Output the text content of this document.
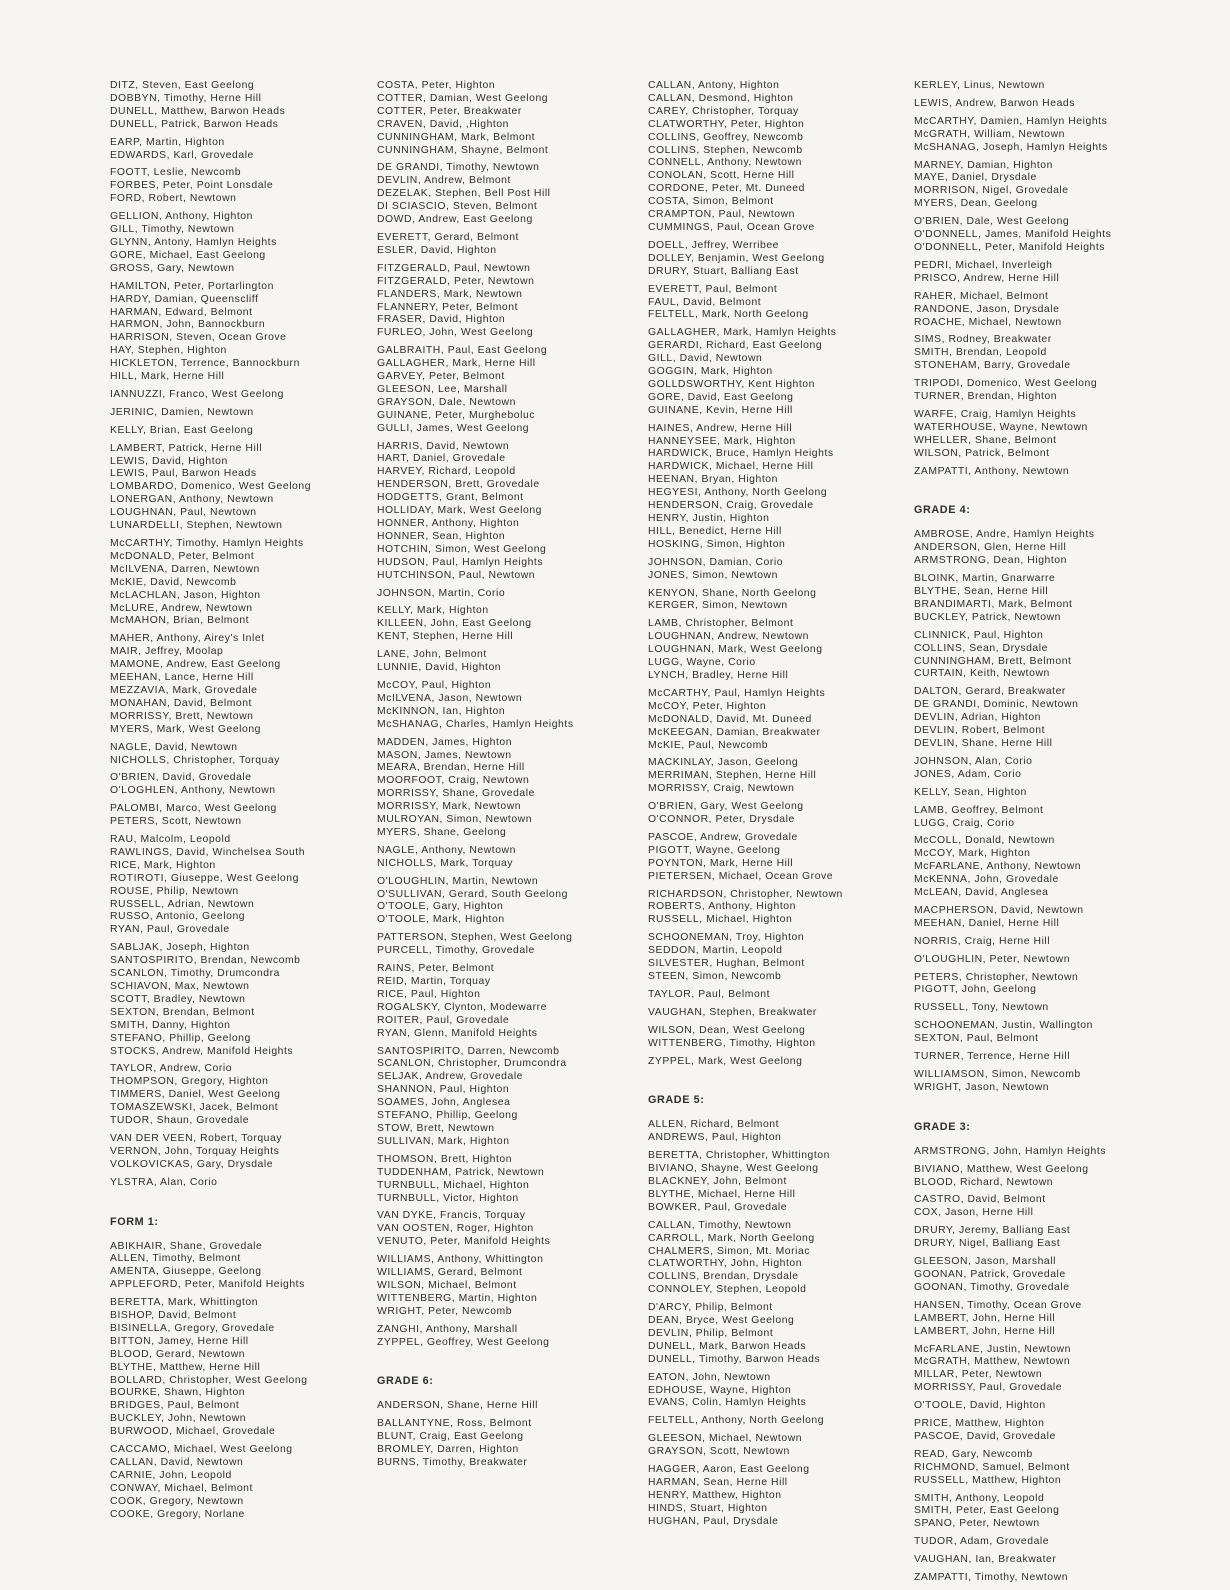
DITZ, Steven, East Geelong
DOBBYN, Timothy, Herne Hill
DUNELL, Matthew, Barwon Heads
DUNELL, Patrick, Barwon Heads
EARP, Martin, Highton
EDWARDS, Karl, Grovedale
FOOTT, Leslie, Newcomb
FORBES, Peter, Point Lonsdale
FORD, Robert, Newtown
GELLION, Anthony, Highton
GILL, Timothy, Newtown
GLYNN, Antony, Hamlyn Heights
GORE, Michael, East Geelong
GROSS, Gary, Newtown
HAMILTON, Peter, Portarlington
HARDY, Damian, Queenscliff
HARMAN, Edward, Belmont
HARMON, John, Bannockburn
HARRISON, Steven, Ocean Grove
HAY, Stephen, Highton
HICKLETON, Terrence, Bannockburn
HILL, Mark, Herne Hill
IANNUZZI, Franco, West Geelong
JERINIC, Damien, Newtown
KELLY, Brian, East Geelong
LAMBERT, Patrick, Herne Hill
LEWIS, David, Highton
LEWIS, Paul, Barwon Heads
LOMBARDO, Domenico, West Geelong
LONERGAN, Anthony, Newtown
LOUGHNAN, Paul, Newtown
LUNARDELLI, Stephen, Newtown
McCARTHY, Timothy, Hamlyn Heights
McDONALD, Peter, Belmont
McILVENA, Darren, Newtown
McKIE, David, Newcomb
McLACHLAN, Jason, Highton
McLURE, Andrew, Newtown
McMAHON, Brian, Belmont
MAHER, Anthony, Airey's Inlet
MAIR, Jeffrey, Moolap
MAMONE, Andrew, East Geelong
MEEHAN, Lance, Herne Hill
MEZZAVIA, Mark, Grovedale
MONAHAN, David, Belmont
MORRISSY, Brett, Newtown
MYERS, Mark, West Geelong
NAGLE, David, Newtown
NICHOLLS, Christopher, Torquay
O'BRIEN, David, Grovedale
O'LOGHLEN, Anthony, Newtown
PALOMBI, Marco, West Geelong
PETERS, Scott, Newtown
RAU, Malcolm, Leopold
RAWLINGS, David, Winchelsea South
RICE, Mark, Highton
ROTIROTI, Giuseppe, West Geelong
ROUSE, Philip, Newtown
RUSSELL, Adrian, Newtown
RUSSO, Antonio, Geelong
RYAN, Paul, Grovedale
SABLJAK, Joseph, Highton
SANTOSPIRITO, Brendan, Newcomb
SCANLON, Timothy, Drumcondra
SCHIAVON, Max, Newtown
SCOTT, Bradley, Newtown
SEXTON, Brendan, Belmont
SMITH, Danny, Highton
STEFANO, Phillip, Geelong
STOCKS, Andrew, Manifold Heights
TAYLOR, Andrew, Corio
THOMPSON, Gregory, Highton
TIMMERS, Daniel, West Geelong
TOMASZEWSKI, Jacek, Belmont
TUDOR, Shaun, Grovedale
VAN DER VEEN, Robert, Torquay
VERNON, John, Torquay Heights
VOLKOVICKAS, Gary, Drysdale
YLSTRA, Alan, Corio
FORM 1:
ABIKHAIR, Shane, Grovedale
ALLEN, Timothy, Belmont
AMENTA, Giuseppe, Geelong
APPLEFORD, Peter, Manifold Heights
BERETTA, Mark, Whittington
BISHOP, David, Belmont
BISINELLA, Gregory, Grovedale
BITTON, Jamey, Herne Hill
BLOOD, Gerard, Newtown
BLYTHE, Matthew, Herne Hill
BOLLARD, Christopher, West Geelong
BOURKE, Shawn, Highton
BRIDGES, Paul, Belmont
BUCKLEY, John, Newtown
BURWOOD, Michael, Grovedale
CACCAMO, Michael, West Geelong
CALLAN, David, Newtown
CARNIE, John, Leopold
CONWAY, Michael, Belmont
COOK, Gregory, Newtown
COOKE, Gregory, Norlane
COSTA, Peter, Highton
COTTER, Damian, West Geelong
COTTER, Peter, Breakwater
CRAVEN, David, ,Highton
CUNNINGHAM, Mark, Belmont
CUNNINGHAM, Shayne, Belmont
DE GRANDI, Timothy, Newtown
DEVLIN, Andrew, Belmont
DEZELAK, Stephen, Bell Post Hill
DI SCIASCIO, Steven, Belmont
DOWD, Andrew, East Geelong
EVERETT, Gerard, Belmont
ESLER, David, Highton
FITZGERALD, Paul, Newtown
FITZGERALD, Peter, Newtown
FLANDERS, Mark, Newtown
FLANNERY, Peter, Belmont
FRASER, David, Highton
FURLEO, John, West Geelong
GALBRAITH, Paul, East Geelong
GALLAGHER, Mark, Herne Hill
GARVEY, Peter, Belmont
GLEESON, Lee, Marshall
GRAYSON, Dale, Newtown
GUINANE, Peter, Murgheboluc
GULLI, James, West Geelong
HARRIS, David, Newtown
HART, Daniel, Grovedale
HARVEY, Richard, Leopold
HENDERSON, Brett, Grovedale
HODGETTS, Grant, Belmont
HOLLIDAY, Mark, West Geelong
HONNER, Anthony, Highton
HONNER, Sean, Highton
HOTCHIN, Simon, West Geelong
HUDSON, Paul, Hamlyn Heights
HUTCHINSON, Paul, Newtown
JOHNSON, Martin, Corio
KELLY, Mark, Highton
KILLEEN, John, East Geelong
KENT, Stephen, Herne Hill
LANE, John, Belmont
LUNNIE, David, Highton
McCOY, Paul, Highton
McILVENA, Jason, Newtown
McKINNON, Ian, Highton
McSHANAG, Charles, Hamlyn Heights
MADDEN, James, Highton
MASON, James, Newtown
MEARA, Brendan, Herne Hill
MOORFOOT, Craig, Newtown
MORRISSY, Shane, Grovedale
MORRISSY, Mark, Newtown
MULROYAN, Simon, Newtown
MYERS, Shane, Geelong
NAGLE, Anthony, Newtown
NICHOLLS, Mark, Torquay
O'LOUGHLIN, Martin, Newtown
O'SULLIVAN, Gerard, South Geelong
O'TOOLE, Gary, Highton
O'TOOLE, Mark, Highton
PATTERSON, Stephen, West Geelong
PURCELL, Timothy, Grovedale
RAINS, Peter, Belmont
REID, Martin, Torquay
RICE, Paul, Highton
ROGALSKY, Clynton, Modewarre
ROITER, Paul, Grovedale
RYAN, Glenn, Manifold Heights
SANTOSPIRITO, Darren, Newcomb
SCANLON, Christopher, Drumcondra
SELJAK, Andrew, Grovedale
SHANNON, Paul, Highton
SOAMES, John, Anglesea
STEFANO, Phillip, Geelong
STOW, Brett, Newtown
SULLIVAN, Mark, Highton
THOMSON, Brett, Highton
TUDDENHAM, Patrick, Newtown
TURNBULL, Michael, Highton
TURNBULL, Victor, Highton
VAN DYKE, Francis, Torquay
VAN OOSTEN, Roger, Highton
VENUTO, Peter, Manifold Heights
WILLIAMS, Anthony, Whittington
WILLIAMS, Gerard, Belmont
WILSON, Michael, Belmont
WITTENBERG, Martin, Highton
WRIGHT, Peter, Newcomb
ZANGHI, Anthony, Marshall
ZYPPEL, Geoffrey, West Geelong
GRADE 6:
ANDERSON, Shane, Herne Hill
BALLANTYNE, Ross, Belmont
BLUNT, Craig, East Geelong
BROMLEY, Darren, Highton
BURNS, Timothy, Breakwater
CALLAN, Antony, Highton
CALLAN, Desmond, Highton
CAREY, Christopher, Torquay
CLATWORTHY, Peter, Highton
COLLINS, Geoffrey, Newcomb
COLLINS, Stephen, Newcomb
CONNELL, Anthony, Newtown
CONOLAN, Scott, Herne Hill
CORDONE, Peter, Mt. Duneed
COSTA, Simon, Belmont
CRAMPTON, Paul, Newtown
CUMMINGS, Paul, Ocean Grove
DOELL, Jeffrey, Werribee
DOLLEY, Benjamin, West Geelong
DRURY, Stuart, Balliang East
EVERETT, Paul, Belmont
FAUL, David, Belmont
FELTELL, Mark, North Geelong
GALLAGHER, Mark, Hamlyn Heights
GERARDI, Richard, East Geelong
GILL, David, Newtown
GOGGIN, Mark, Highton
GOLLDSWORTHY, Kent Highton
GORE, David, East Geelong
GUINANE, Kevin, Herne Hill
HAINES, Andrew, Herne Hill
HANNEYSEE, Mark, Highton
HARDWICK, Bruce, Hamlyn Heights
HARDWICK, Michael, Herne Hill
HEENAN, Bryan, Highton
HEGYESI, Anthony, North Geelong
HENDERSON, Craig, Grovedale
HENRY, Justin, Highton
HILL, Benedict, Herne Hill
HOSKING, Simon, Highton
JOHNSON, Damian, Corio
JONES, Simon, Newtown
KENYON, Shane, North Geelong
KERGER, Simon, Newtown
LAMB, Christopher, Belmont
LOUGHNAN, Andrew, Newtown
LOUGHNAN, Mark, West Geelong
LUGG, Wayne, Corio
LYNCH, Bradley, Herne Hill
McCARTHY, Paul, Hamlyn Heights
McCOY, Peter, Highton
McDONALD, David, Mt. Duneed
McKEEGAN, Damian, Breakwater
McKIE, Paul, Newcomb
MACKINLAY, Jason, Geelong
MERRIMAN, Stephen, Herne Hill
MORRISSY, Craig, Newtown
O'BRIEN, Gary, West Geelong
O'CONNOR, Peter, Drysdale
PASCOE, Andrew, Grovedale
PIGOTT, Wayne, Geelong
POYNTON, Mark, Herne Hill
PIETERSEN, Michael, Ocean Grove
RICHARDSON, Christopher, Newtown
ROBERTS, Anthony, Highton
RUSSELL, Michael, Highton
SCHOONEMAN, Troy, Highton
SEDDON, Martin, Leopold
SILVESTER, Hughan, Belmont
STEEN, Simon, Newcomb
TAYLOR, Paul, Belmont
VAUGHAN, Stephen, Breakwater
WILSON, Dean, West Geelong
WITTENBERG, Timothy, Highton
ZYPPEL, Mark, West Geelong
GRADE 5:
ALLEN, Richard, Belmont
ANDREWS, Paul, Highton
BERETTA, Christopher, Whittington
BIVIANO, Shayne, West Geelong
BLACKNEY, John, Belmont
BLYTHE, Michael, Herne Hill
BOWKER, Paul, Grovedale
CALLAN, Timothy, Newtown
CARROLL, Mark, North Geelong
CHALMERS, Simon, Mt. Moriac
CLATWORTHY, John, Highton
COLLINS, Brendan, Drysdale
CONNOLEY, Stephen, Leopold
D'ARCY, Philip, Belmont
DEAN, Bryce, West Geelong
DEVLIN, Philip, Belmont
DUNELL, Mark, Barwon Heads
DUNELL, Timothy, Barwon Heads
EATON, John, Newtown
EDHOUSE, Wayne, Highton
EVANS, Colin, Hamlyn Heights
FELTELL, Anthony, North Geelong
GLEESON, Michael, Newtown
GRAYSON, Scott, Newtown
HAGGER, Aaron, East Geelong
HARMAN, Sean, Herne Hill
HENRY, Matthew, Highton
HINDS, Stuart, Highton
HUGHAN, Paul, Drysdale
KERLEY, Linus, Newtown
LEWIS, Andrew, Barwon Heads
McCARTHY, Damien, Hamlyn Heights
McGRATH, William, Newtown
McSHANAG, Joseph, Hamlyn Heights
MARNEY, Damian, Highton
MAYE, Daniel, Drysdale
MORRISON, Nigel, Grovedale
MYERS, Dean, Geelong
O'BRIEN, Dale, West Geelong
O'DONNELL, James, Manifold Heights
O'DONNELL, Peter, Manifold Heights
PEDRI, Michael, Inverleigh
PRISCO, Andrew, Herne Hill
RAHER, Michael, Belmont
RANDONE, Jason, Drysdale
ROACHE, Michael, Newtown
SIMS, Rodney, Breakwater
SMITH, Brendan, Leopold
STONEHAM, Barry, Grovedale
TRIPODI, Domenico, West Geelong
TURNER, Brendan, Highton
WARFE, Craig, Hamlyn Heights
WATERHOUSE, Wayne, Newtown
WHELLER, Shane, Belmont
WILSON, Patrick, Belmont
ZAMPATTI, Anthony, Newtown
GRADE 4:
AMBROSE, Andre, Hamlyn Heights
ANDERSON, Glen, Herne Hill
ARMSTRONG, Dean, Highton
BLOINK, Martin, Gnarwarre
BLYTHE, Sean, Herne Hill
BRANDIMARTI, Mark, Belmont
BUCKLEY, Patrick, Newtown
CLINNICK, Paul, Highton
COLLINS, Sean, Drysdale
CUNNINGHAM, Brett, Belmont
CURTAIN, Keith, Newtown
DALTON, Gerard, Breakwater
DE GRANDI, Dominic, Newtown
DEVLIN, Adrian, Highton
DEVLIN, Robert, Belmont
DEVLIN, Shane, Herne Hill
JOHNSON, Alan, Corio
JONES, Adam, Corio
KELLY, Sean, Highton
LAMB, Geoffrey, Belmont
LUGG, Craig, Corio
McCOLL, Donald, Newtown
McCOY, Mark, Highton
McFARLANE, Anthony, Newtown
McKENNA, John, Grovedale
McLEAN, David, Anglesea
MACPHERSON, David, Newtown
MEEHAN, Daniel, Herne Hill
NORRIS, Craig, Herne Hill
O'LOUGHLIN, Peter, Newtown
PETERS, Christopher, Newtown
PIGOTT, John, Geelong
RUSSELL, Tony, Newtown
SCHOONEMAN, Justin, Wallington
SEXTON, Paul, Belmont
TURNER, Terrence, Herne Hill
WILLIAMSON, Simon, Newcomb
WRIGHT, Jason, Newtown
GRADE 3:
ARMSTRONG, John, Hamlyn Heights
BIVIANO, Matthew, West Geelong
BLOOD, Richard, Newtown
CASTRO, David, Belmont
COX, Jason, Herne Hill
DRURY, Jeremy, Balliang East
DRURY, Nigel, Balliang East
GLEESON, Jason, Marshall
GOONAN, Patrick, Grovedale
GOONAN, Timothy, Grovedale
HANSEN, Timothy, Ocean Grove
LAMBERT, John, Herne Hill
LAMBERT, John, Herne Hill
McFARLANE, Justin, Newtown
McGRATH, Matthew, Newtown
MILLAR, Peter, Newtown
MORRISSY, Paul, Grovedale
O'TOOLE, David, Highton
PRICE, Matthew, Highton
PASCOE, David, Grovedale
READ, Gary, Newcomb
RICHMOND, Samuel, Belmont
RUSSELL, Matthew, Highton
SMITH, Anthony, Leopold
SMITH, Peter, East Geelong
SPANO, Peter, Newtown
TUDOR, Adam, Grovedale
VAUGHAN, Ian, Breakwater
ZAMPATTI, Timothy, Newtown
